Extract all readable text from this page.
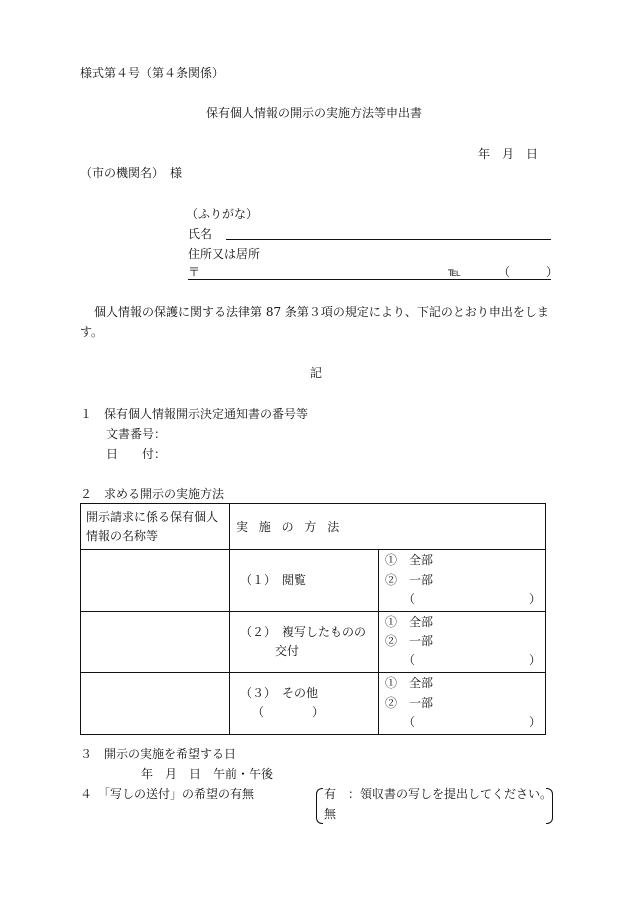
様式第４号（第４条関係）
保有個人情報の開示の実施方法等申出書
年　月　日
（市の機関名）　様
（ふりがな）
氏名
住所又は居所
〒	℡	（　　　）
個人情報の保護に関する法律第 87 条第３項の規定により、下記のとおり申出をしま
す。
記
１　保有個人情報開示決定通知書の番号等
文書番号：
日　　付：
２　求める開示の実施方法
開示請求に係る保有個人
情報の名称等	実施の方法	

	（１）　閲覧	①　全部
②　一部
（ ）

	（２）　複写したものの
交付	①　全部
②　一部
（ ）

	（３）　その他
（　　　　）	①　全部
②　一部
（ ）
３　開示の実施を希望する日
年　月　日　午前・午後
４　「写しの送付」の希望の有無	有 ：領収書の写しを提出してください。
無
